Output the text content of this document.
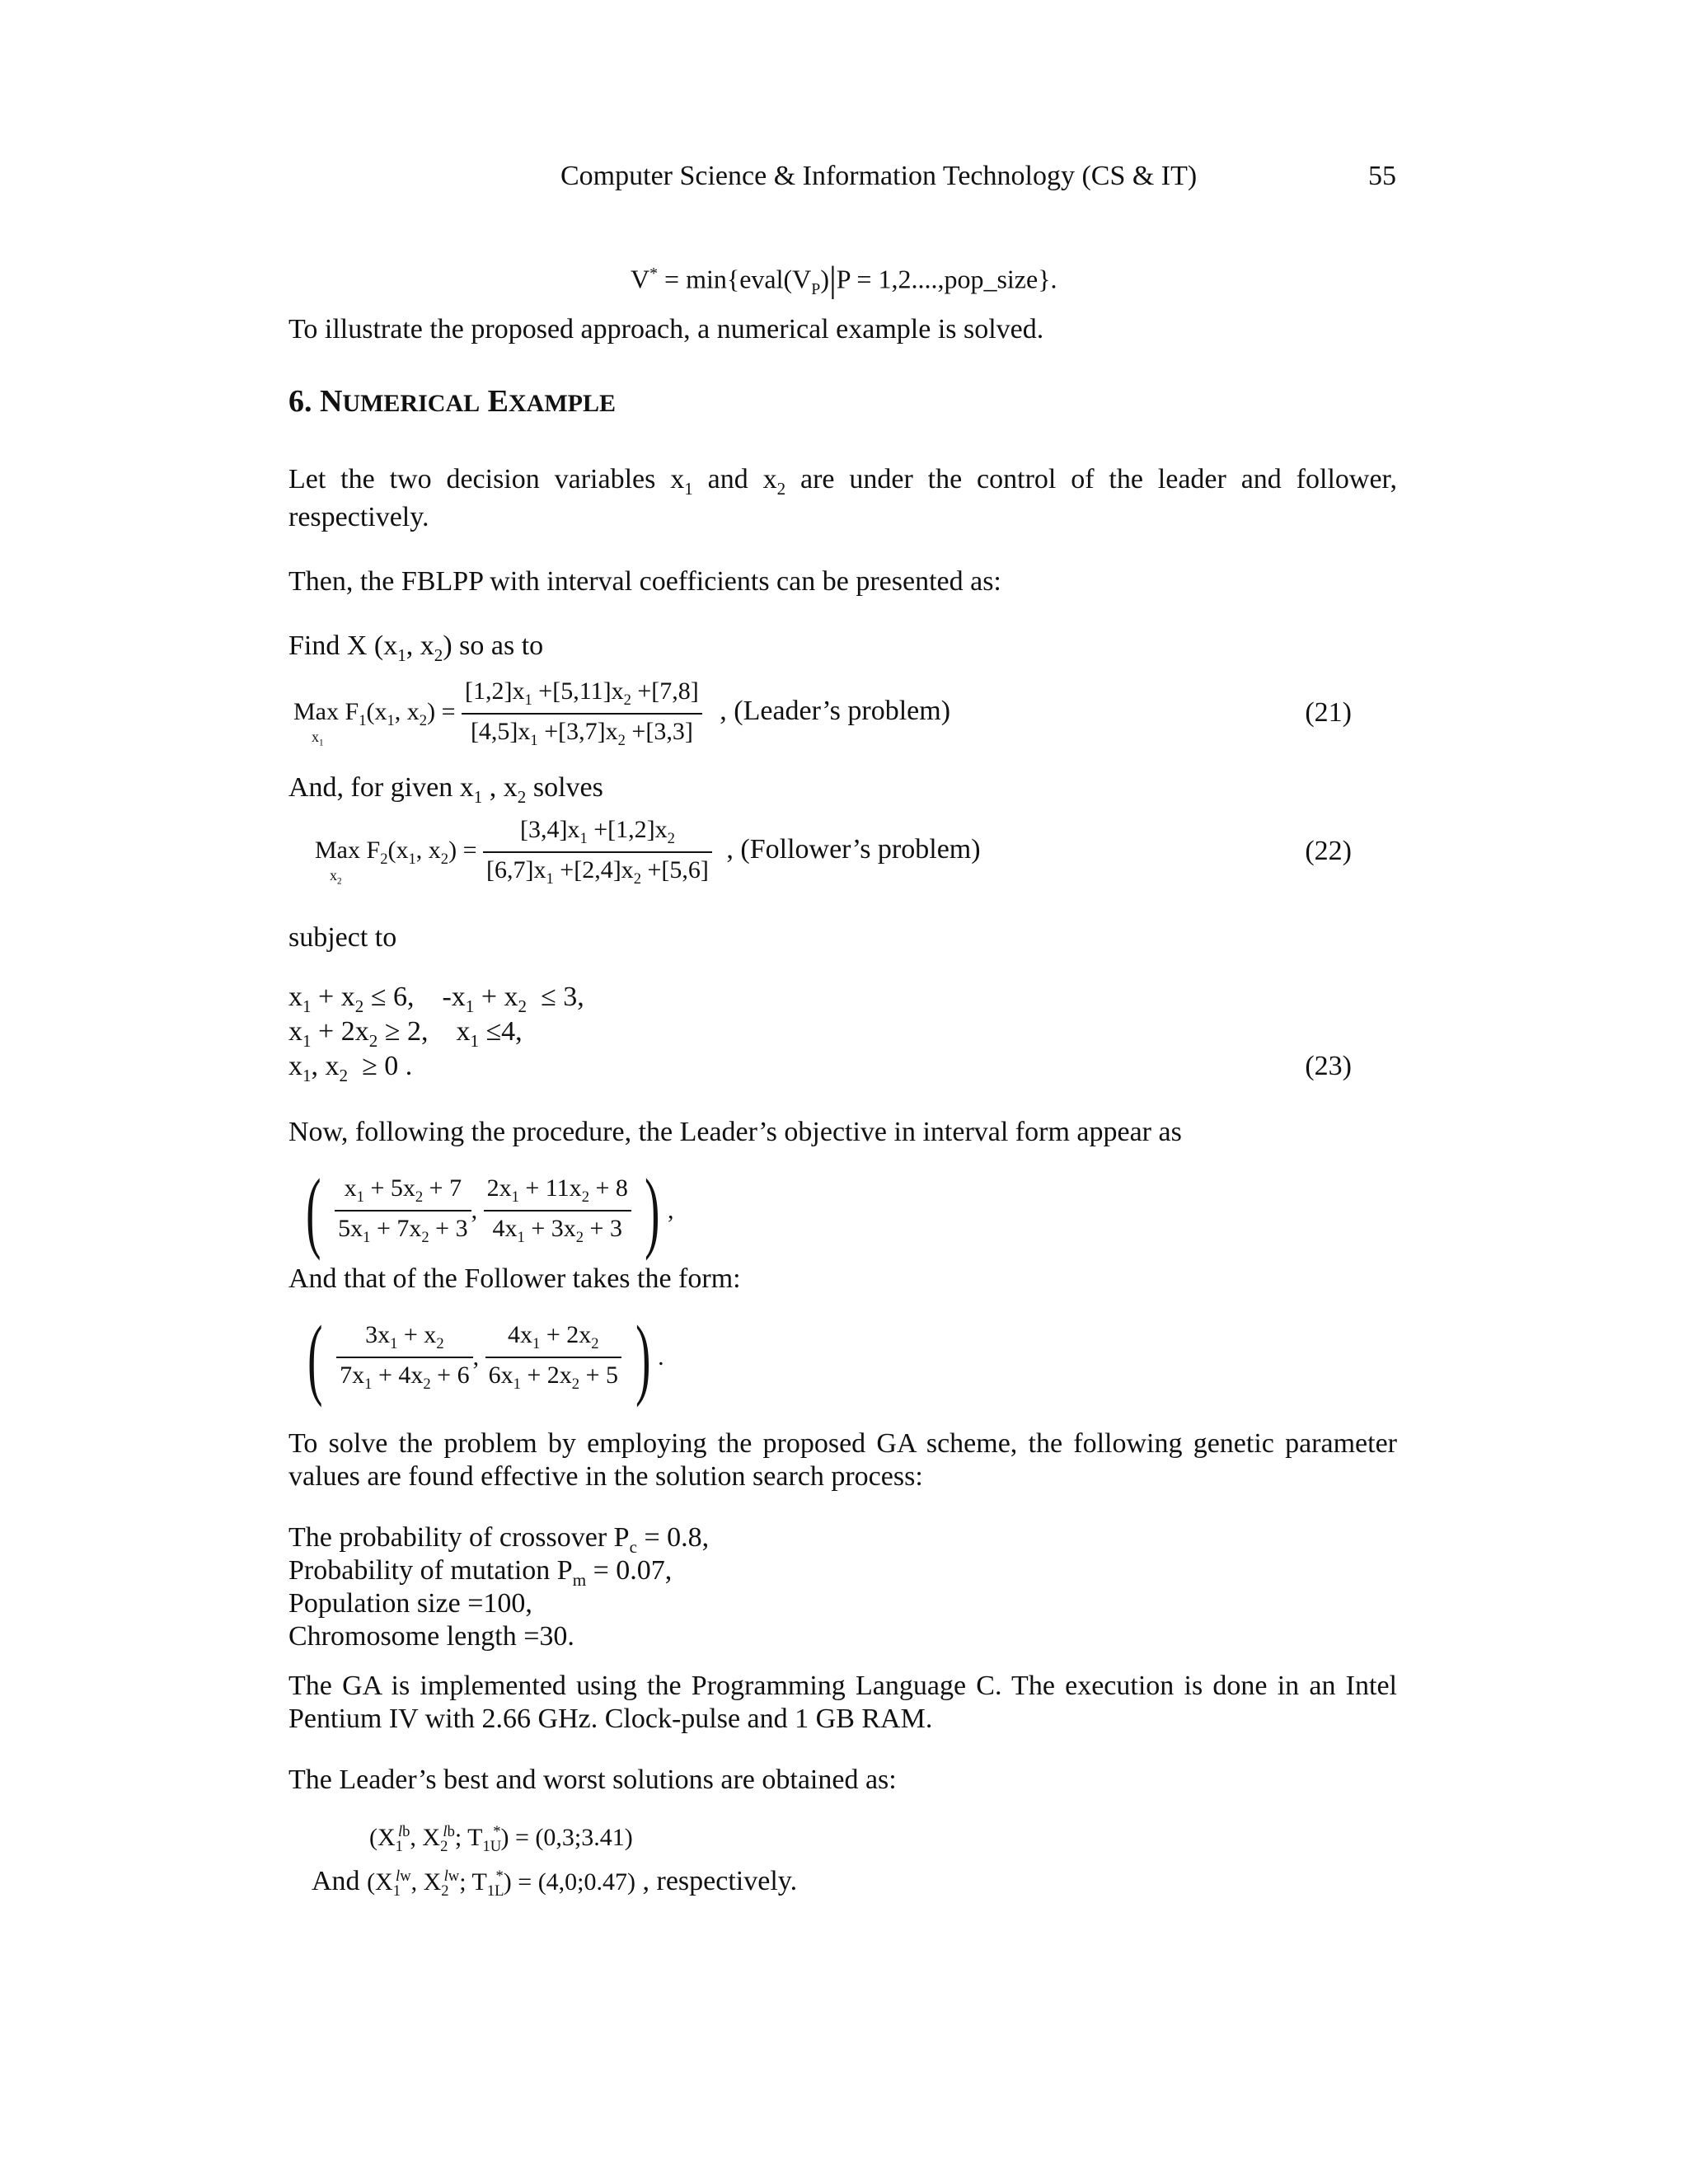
Computer Science & Information Technology (CS & IT)	55
$V^* = \min\{eval(V_P)|P$ = 1,2....,pop_size}.
To illustrate the proposed approach, a numerical example is solved.
6. NUMERICAL EXAMPLE
Let the two decision variables $x_1$ and $x_2$ are under the control of the leader and follower,
respectively.
Then, the FBLPP with interval coefficients can be presented as:
Find X ($x_1$, $x_2$) so as to
Max $F_1(x_1$, $x_2$) =
$\frac{[1,2]x_1 +[5,11]x_2 +[7,8]}{[4,5]x_1 +[3,7]x_2 +[3,3]}$ , (Leader’s problem)
$x_1$
(21)
And, for given $x_1$ , $x_2$ solves
Max $F_2(x_1$, $x_2) = \frac{[3,4]x_1 +[1,2]x_2}{[6,7]x_1 +[2,4]x_2 +[5,6]}$ , (Follower’s problem)
$x_2$
(22)
subject to
$x_1 + x_2 \le 6$,    $-x_1 + x_2 \le 3$,
$x_1 + 2x_2 \ge 2$,    $x_1 \le 4$,
$x_1$, $x_2 \ge 0$ .	(23)
Now, following the procedure, the Leader’s objective in interval form appear as
( $\frac{x_1 + 5x_2 + 7}{5x_1 + 7x_2 + 3}$ , $\frac{2x_1 + 11x_2 + 8}{4x_1 + 3x_2 + 3}$ ) ,
And that of the Follower takes the form:
( $\frac{3x_1 + x_2}{7x_1 + 4x_2 + 6}$ , $\frac{4x_1 + 2x_2}{6x_1 + 2x_2 + 5}$ ) .
To solve the problem by employing the proposed GA scheme, the following genetic parameter
values are found effective in the solution search process:
The probability of crossover $P_c = 0.8$,
Probability of mutation $P_m = 0.07$,
Population size =100,
Chromosome length =30.
The GA is implemented using the Programming Language C. The execution is done in an Intel
Pentium IV with 2.66 GHz. Clock-pulse and 1 GB RAM.
The Leader’s best and worst solutions are obtained as:
($X_1^{lb}$, $X_2^{lb}$; $T_{1U}^*$) = (0,3;3.41)
And ($X_1^{lw}$, $X_2^{lw}$; $T_{1L}^*$) = (4,0;0.47) , respectively.
